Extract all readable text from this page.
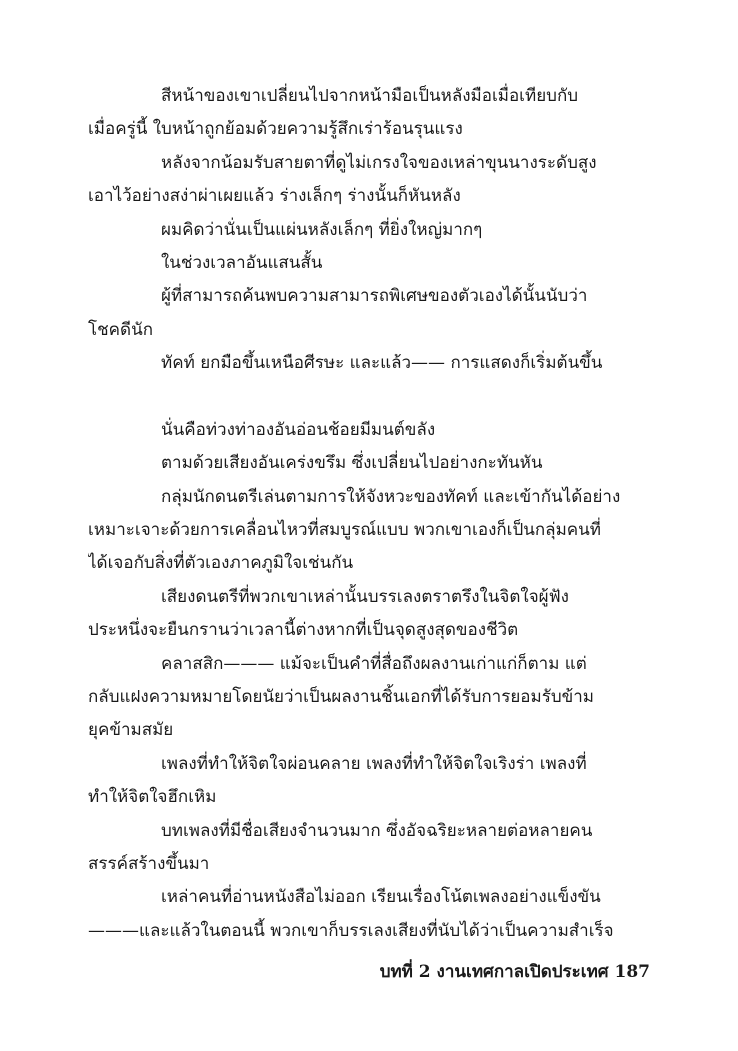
สีหน้าของเขาเปลี่ยนไปจากหน้ามือเป็นหลังมือเมื่อเทียบกับ
เมื่อครู่นี้ ใบหน้าถูกย้อมด้วยความรู้สึกเร่าร้อนรุนแรง
หลังจากน้อมรับสายตาที่ดูไม่เกรงใจของเหล่าขุนนางระดับสูง
เอาไว้อย่างสง่าผ่าเผยแล้ว ร่างเล็กๆ ร่างนั้นก็หันหลัง
ผมคิดว่านั่นเป็นแผ่นหลังเล็กๆ ที่ยิ่งใหญ่มากๆ
ในช่วงเวลาอันแสนสั้น
ผู้ที่สามารถค้นพบความสามารถพิเศษของตัวเองได้นั้นนับว่า
โชคดีนัก
ทัคท์ ยกมือขึ้นเหนือศีรษะ และแล้ว—— การแสดงก็เริ่มต้นขึ้น
นั่นคือท่วงท่าองอันอ่อนช้อยมีมนต์ขลัง
ตามด้วยเสียงอันเคร่งขรึม ซึ่งเปลี่ยนไปอย่างกะทันหัน
กลุ่มนักดนตรีเล่นตามการให้จังหวะของทัคท์ และเข้ากันได้อย่าง
เหมาะเจาะด้วยการเคลื่อนไหวที่สมบูรณ์แบบ พวกเขาเองก็เป็นกลุ่มคนที่
ได้เจอกับสิ่งที่ตัวเองภาคภูมิใจเช่นกัน
เสียงดนตรีที่พวกเขาเหล่านั้นบรรเลงตราตรึงในจิตใจผู้ฟัง
ประหนึ่งจะยืนกรานว่าเวลานี้ต่างหากที่เป็นจุดสูงสุดของชีวิต
คลาสสิก——— แม้จะเป็นคำที่สื่อถึงผลงานเก่าแก่ก็ตาม แต่
กลับแฝงความหมายโดยนัยว่าเป็นผลงานชิ้นเอกที่ได้รับการยอมรับข้าม
ยุคข้ามสมัย
เพลงที่ทำให้จิตใจผ่อนคลาย เพลงที่ทำให้จิตใจเริงร่า เพลงที่
ทำให้จิตใจฮึกเหิม
บทเพลงที่มีชื่อเสียงจำนวนมาก ซึ่งอัจฉริยะหลายต่อหลายคน
สรรค์สร้างขึ้นมา
เหล่าคนที่อ่านหนังสือไม่ออก เรียนเรื่องโน้ตเพลงอย่างแข็งขัน
———และแล้วในตอนนี้ พวกเขาก็บรรเลงเสียงที่นับได้ว่าเป็นความสำเร็จ
บทที่ 2 งานเทศกาลเปิดประเทศ 187
